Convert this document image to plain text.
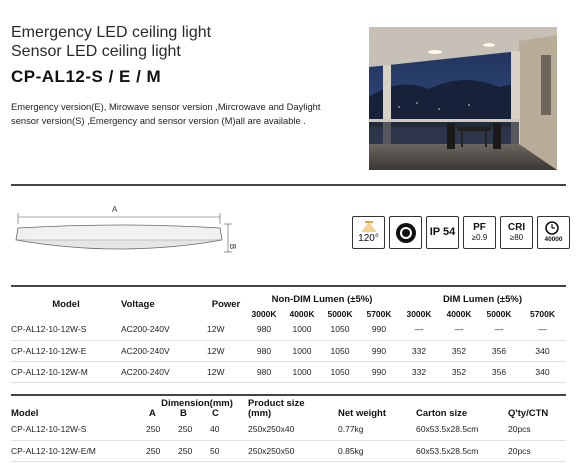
Emergency LED ceiling light
Sensor LED ceiling light
CP-AL12-S / E / M
Emergency version(E), Mirowave sensor version ,Mircrowave and Daylight sensor version(S) ,Emergency and sensor version (M)all are available .
A
B
120°
IP 54 PF
≥0.9
CRI
≥80	40000
Model	Voltage	Power	Non-DIM Lumen (±5%)				DIM Lumen (±5%)			
			3000K	4000K	5000K	5700K	3000K	4000K	5000K	5700K
CP-AL12-10-12W-S	AC200-240V	12W	980	1000	1050	990	—	—	—	—
CP-AL12-10-12W-E	AC200-240V	12W	980	1000	1050	990	332	352	356	340
CP-AL12-10-12W-M	AC200-240V	12W	980	1000	1050	990	332	352	356	340
Model	Dimension(mm)			Product size	Net weight	Carton size	Q'ty/CTN
	A	B	C	(mm)			
CP-AL12-10-12W-S	250	250	40	250x250x40	0.77kg	60x53.5x28.5cm	20pcs
CP-AL12-10-12W-E/M	250	250	50	250x250x50	0.85kg	60x53.5x28.5cm	20pcs
